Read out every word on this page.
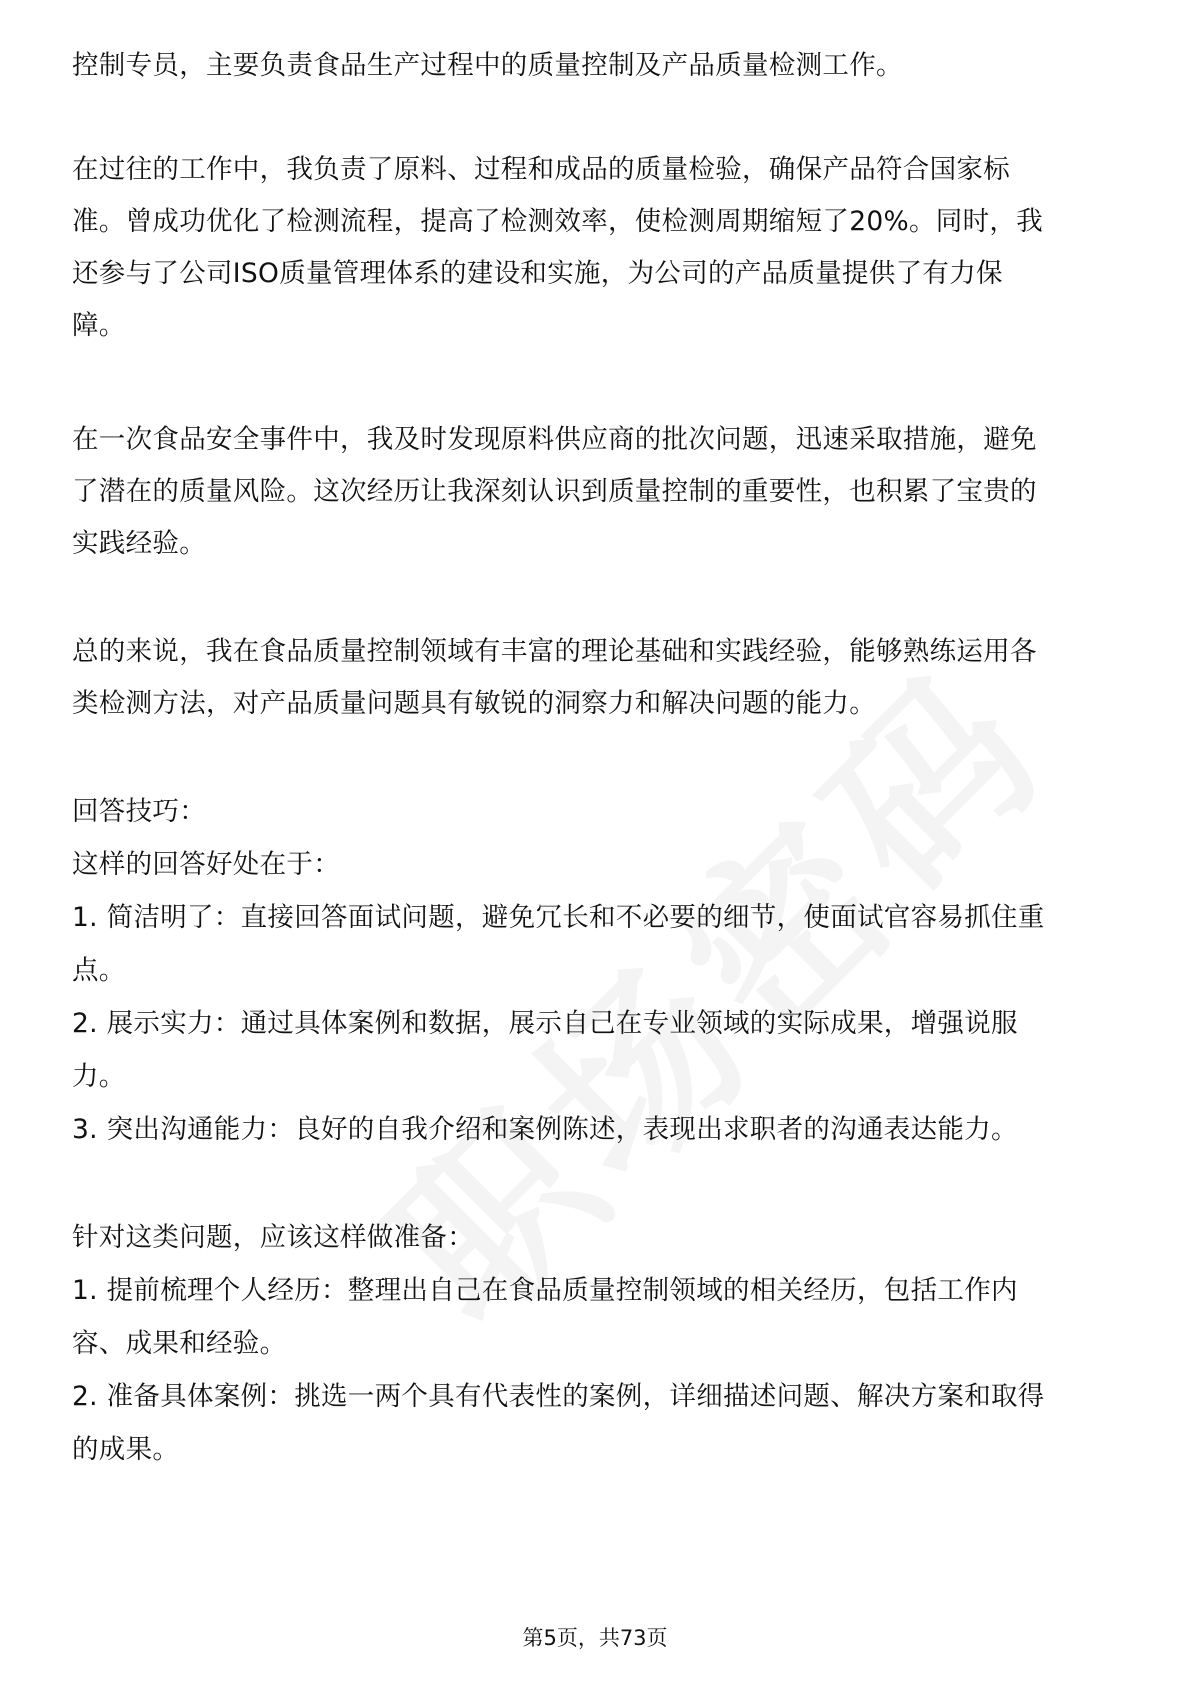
控制专员，主要负责食品生产过程中的质量控制及产品质量检测工作。

在过往的工作中，我负责了原料、过程和成品的质量检验，确保产品符合国家标

准。曾成功优化了检测流程，提高了检测效率，使检测周期缩短了20%。同时，我

还参与了公司ISO质量管理体系的建设和实施，为公司的产品质量提供了有力保

障。

在一次食品安全事件中，我及时发现原料供应商的批次问题，迅速采取措施，避免

了潜在的质量风险。这次经历让我深刻认识到质量控制的重要性，也积累了宝贵的

实践经验。

总的来说，我在食品质量控制领域有丰富的理论基础和实践经验，能够熟练运用各

类检测方法，对产品质量问题具有敏锐的洞察力和解决问题的能力。

回答技巧：

这样的回答好处在于：

1. 简洁明了：直接回答面试问题，避免冗长和不必要的细节，使面试官容易抓住重

点。

2. 展示实力：通过具体案例和数据，展示自己在专业领域的实际成果，增强说服

力。

3. 突出沟通能力：良好的自我介绍和案例陈述，表现出求职者的沟通表达能力。

针对这类问题，应该这样做准备：

1. 提前梳理个人经历：整理出自己在食品质量控制领域的相关经历，包括工作内

容、成果和经验。

2. 准备具体案例：挑选一两个具有代表性的案例，详细描述问题、解决方案和取得

的成果。

第5页，共73页
